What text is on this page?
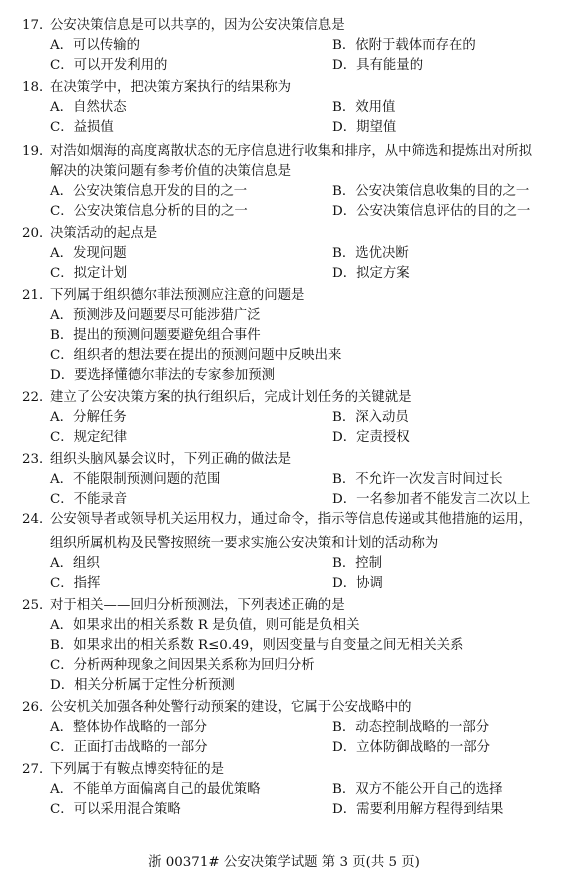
17．
公安决策信息是可以共享的，因为公安决策信息是
A．可以传输的	B．依附于载体而存在的
C．可以开发利用的	D．具有能量的
18．
在决策学中，把决策方案执行的结果称为
A．自然状态	B．效用值
C．益损值	D．期望值
19．
对浩如烟海的高度离散状态的无序信息进行收集和排序，从中筛选和提炼出对所拟
解决的决策问题有参考价值的决策信息是
A．公安决策信息开发的目的之一	B．公安决策信息收集的目的之一
C．公安决策信息分析的目的之一	D．公安决策信息评估的目的之一
20．
决策活动的起点是
A．发现问题	B．选优决断
C．拟定计划	D．拟定方案
21．
下列属于组织德尔菲法预测应注意的问题是
A．预测涉及问题要尽可能涉猎广泛
B．提出的预测问题要避免组合事件
C．组织者的想法要在提出的预测问题中反映出来
D．要选择懂德尔菲法的专家参加预测
22．
建立了公安决策方案的执行组织后，完成计划任务的关键就是
A．分解任务	B．深入动员
C．规定纪律	D．定责授权
23．
组织头脑风暴会议时，下列正确的做法是
A．不能限制预测问题的范围	B．不允许一次发言时间过长
C．不能录音	D．一名参加者不能发言二次以上
24．
公安领导者或领导机关运用权力，通过命令，指示等信息传递或其他措施的运用，
组织所属机构及民警按照统一要求实施公安决策和计划的活动称为
A．组织	B．控制
C．指挥	D．协调
25．
对于相关——回归分析预测法，下列表述正确的是
A．如果求出的相关系数 R 是负值，则可能是负相关
B．如果求出的相关系数 R≤0.49，则因变量与自变量之间无相关关系
C．分析两种现象之间因果关系称为回归分析
D．相关分析属于定性分析预测
26．
公安机关加强各种处警行动预案的建设，它属于公安战略中的
A．整体协作战略的一部分	B．动态控制战略的一部分
C．正面打击战略的一部分	D．立体防御战略的一部分
27．
下列属于有鞍点博奕特征的是
A．不能单方面偏离自己的最优策略	B．双方不能公开自己的选择
C．可以采用混合策略	D．需要利用解方程得到结果
浙 00371# 公安决策学试题 第 3 页(共 5 页)
